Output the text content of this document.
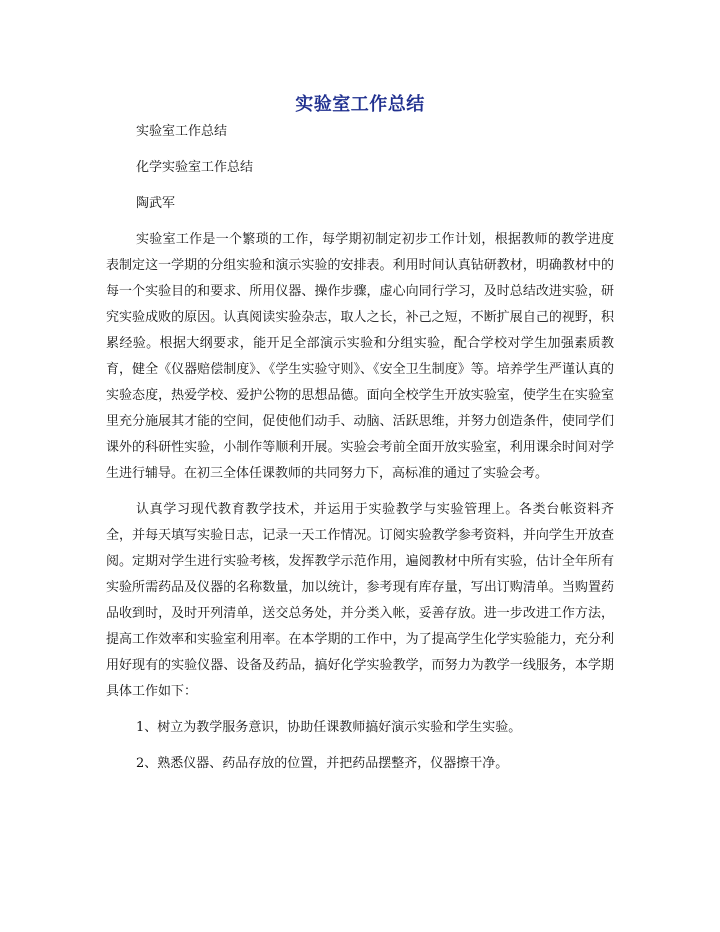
实验室工作总结

实验室工作总结

化学实验室工作总结

陶武军

实验室工作是一个繁琐的工作，每学期初制定初步工作计划，根据教师的教学进度表制定这一学期的分组实验和演示实验的安排表。利用时间认真钻研教材，明确教材中的每一个实验目的和要求、所用仪器、操作步骤，虚心向同行学习，及时总结改进实验，研究实验成败的原因。认真阅读实验杂志，取人之长，补己之短，不断扩展自己的视野，积累经验。根据大纲要求，能开足全部演示实验和分组实验，配合学校对学生加强素质教育，健全《仪器赔偿制度》、《学生实验守则》、《安全卫生制度》等。培养学生严谨认真的实验态度，热爱学校、爱护公物的思想品德。面向全校学生开放实验室，使学生在实验室里充分施展其才能的空间，促使他们动手、动脑、活跃思维，并努力创造条件，使同学们课外的科研性实验，小制作等顺利开展。实验会考前全面开放实验室，利用课余时间对学生进行辅导。在初三全体任课教师的共同努力下，高标准的通过了实验会考。

认真学习现代教育教学技术，并运用于实验教学与实验管理上。各类台帐资料齐全，并每天填写实验日志，记录一天工作情况。订阅实验教学参考资料，并向学生开放查阅。定期对学生进行实验考核，发挥教学示范作用，遍阅教材中所有实验，估计全年所有实验所需药品及仪器的名称数量，加以统计，参考现有库存量，写出订购清单。当购置药品收到时，及时开列清单，送交总务处，并分类入帐，妥善存放。进一步改进工作方法，提高工作效率和实验室利用率。在本学期的工作中，为了提高学生化学实验能力，充分利用好现有的实验仪器、设备及药品，搞好化学实验教学，而努力为教学一线服务，本学期具体工作如下：

1、树立为教学服务意识，协助任课教师搞好演示实验和学生实验。

2、熟悉仪器、药品存放的位置，并把药品摆整齐，仪器擦干净。
